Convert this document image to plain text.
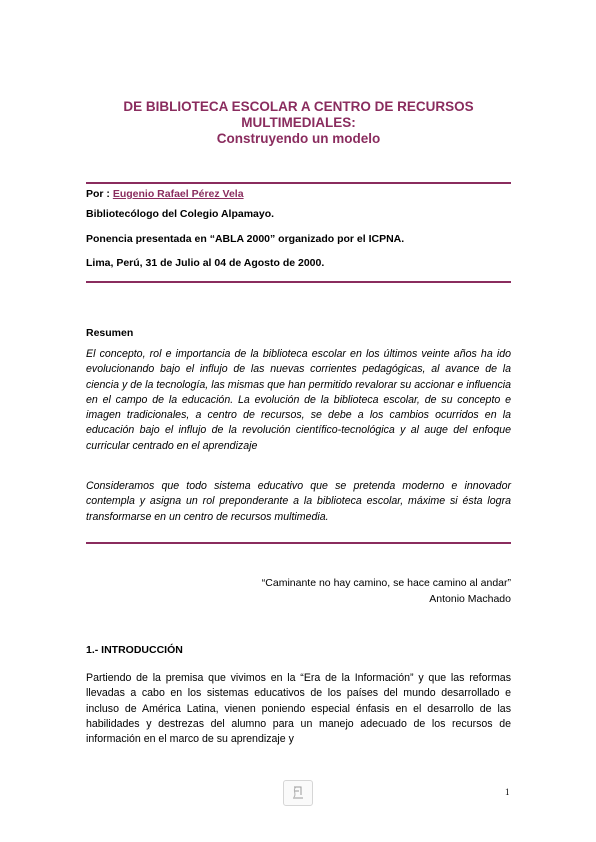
DE BIBLIOTECA ESCOLAR A CENTRO DE RECURSOS
MULTIMEDIALES:
Construyendo un modelo
Por : Eugenio Rafael Pérez Vela
Bibliotecólogo del Colegio Alpamayo.
Ponencia presentada en “ABLA 2000” organizado por el ICPNA.
Lima, Perú, 31 de Julio al 04 de Agosto de 2000.
Resumen
El concepto, rol e importancia de la biblioteca escolar en los últimos veinte años ha ido evolucionando bajo el influjo de las nuevas corrientes pedagógicas, al avance de la ciencia y de la tecnología, las mismas que han permitido revalorar su accionar e influencia en el campo de la educación. La evolución de la biblioteca escolar, de su concepto e imagen tradicionales, a centro de recursos, se debe a los cambios ocurridos en la educación bajo el influjo de la revolución científico-tecnológica y al auge del enfoque curricular centrado en el aprendizaje
Consideramos que todo sistema educativo que se pretenda moderno e innovador contempla y asigna un rol preponderante a la biblioteca escolar, máxime si ésta logra transformarse en un centro de recursos multimedia.
“Caminante no hay camino, se hace camino al andar”
Antonio Machado
1.- INTRODUCCIÓN
Partiendo de la premisa que vivimos en la “Era de la Información” y que las reformas llevadas a cabo en los sistemas educativos de los países del mundo desarrollado e incluso de América Latina, vienen poniendo especial énfasis en el desarrollo de las habilidades y destrezas del alumno para un manejo adecuado de los recursos de información en el marco de su aprendizaje y
1
